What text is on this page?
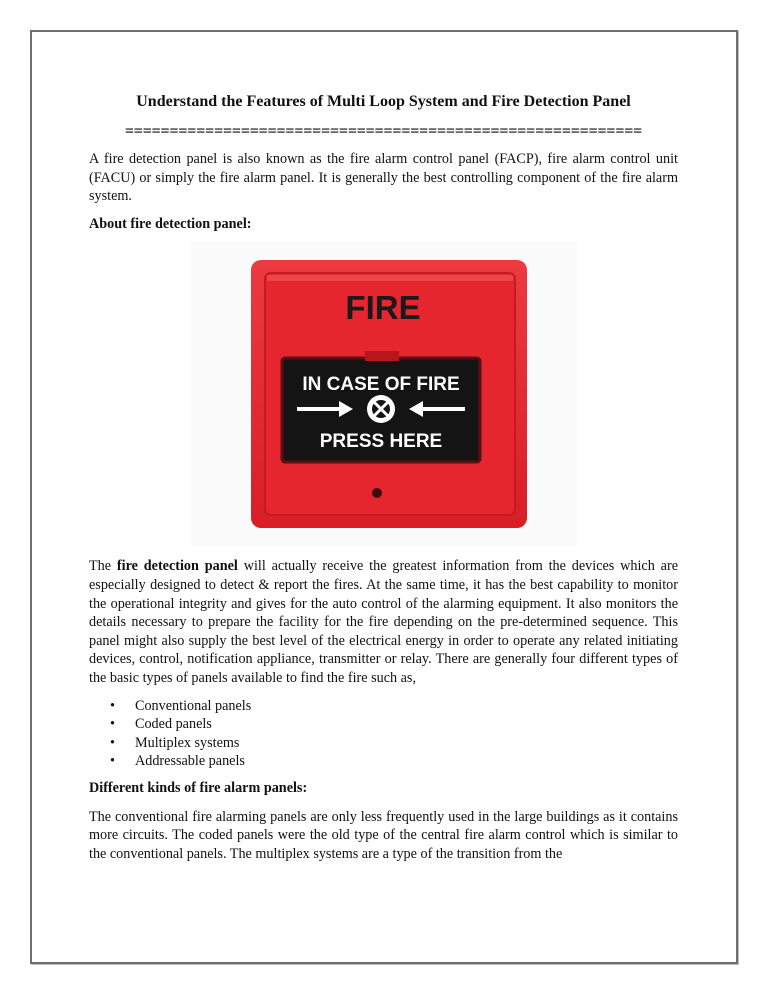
Understand the Features of Multi Loop System and Fire Detection Panel
==========================================================

A fire detection panel is also known as the fire alarm control panel (FACP), fire alarm control unit (FACU) or simply the fire alarm panel. It is generally the best controlling component of the fire alarm system.

About fire detection panel:

FIRE
IN CASE OF FIRE
PRESS HERE

The fire detection panel will actually receive the greatest information from the devices which are especially designed to detect & report the fires. At the same time, it has the best capability to monitor the operational integrity and gives for the auto control of the alarming equipment. It also monitors the details necessary to prepare the facility for the fire depending on the pre-determined sequence. This panel might also supply the best level of the electrical energy in order to operate any related initiating devices, control, notification appliance, transmitter or relay. There are generally four different types of the basic types of panels available to find the fire such as,

• Conventional panels
• Coded panels
• Multiplex systems
• Addressable panels

Different kinds of fire alarm panels:

The conventional fire alarming panels are only less frequently used in the large buildings as it contains more circuits. The coded panels were the old type of the central fire alarm control which is similar to the conventional panels. The multiplex systems are a type of the transition from the
